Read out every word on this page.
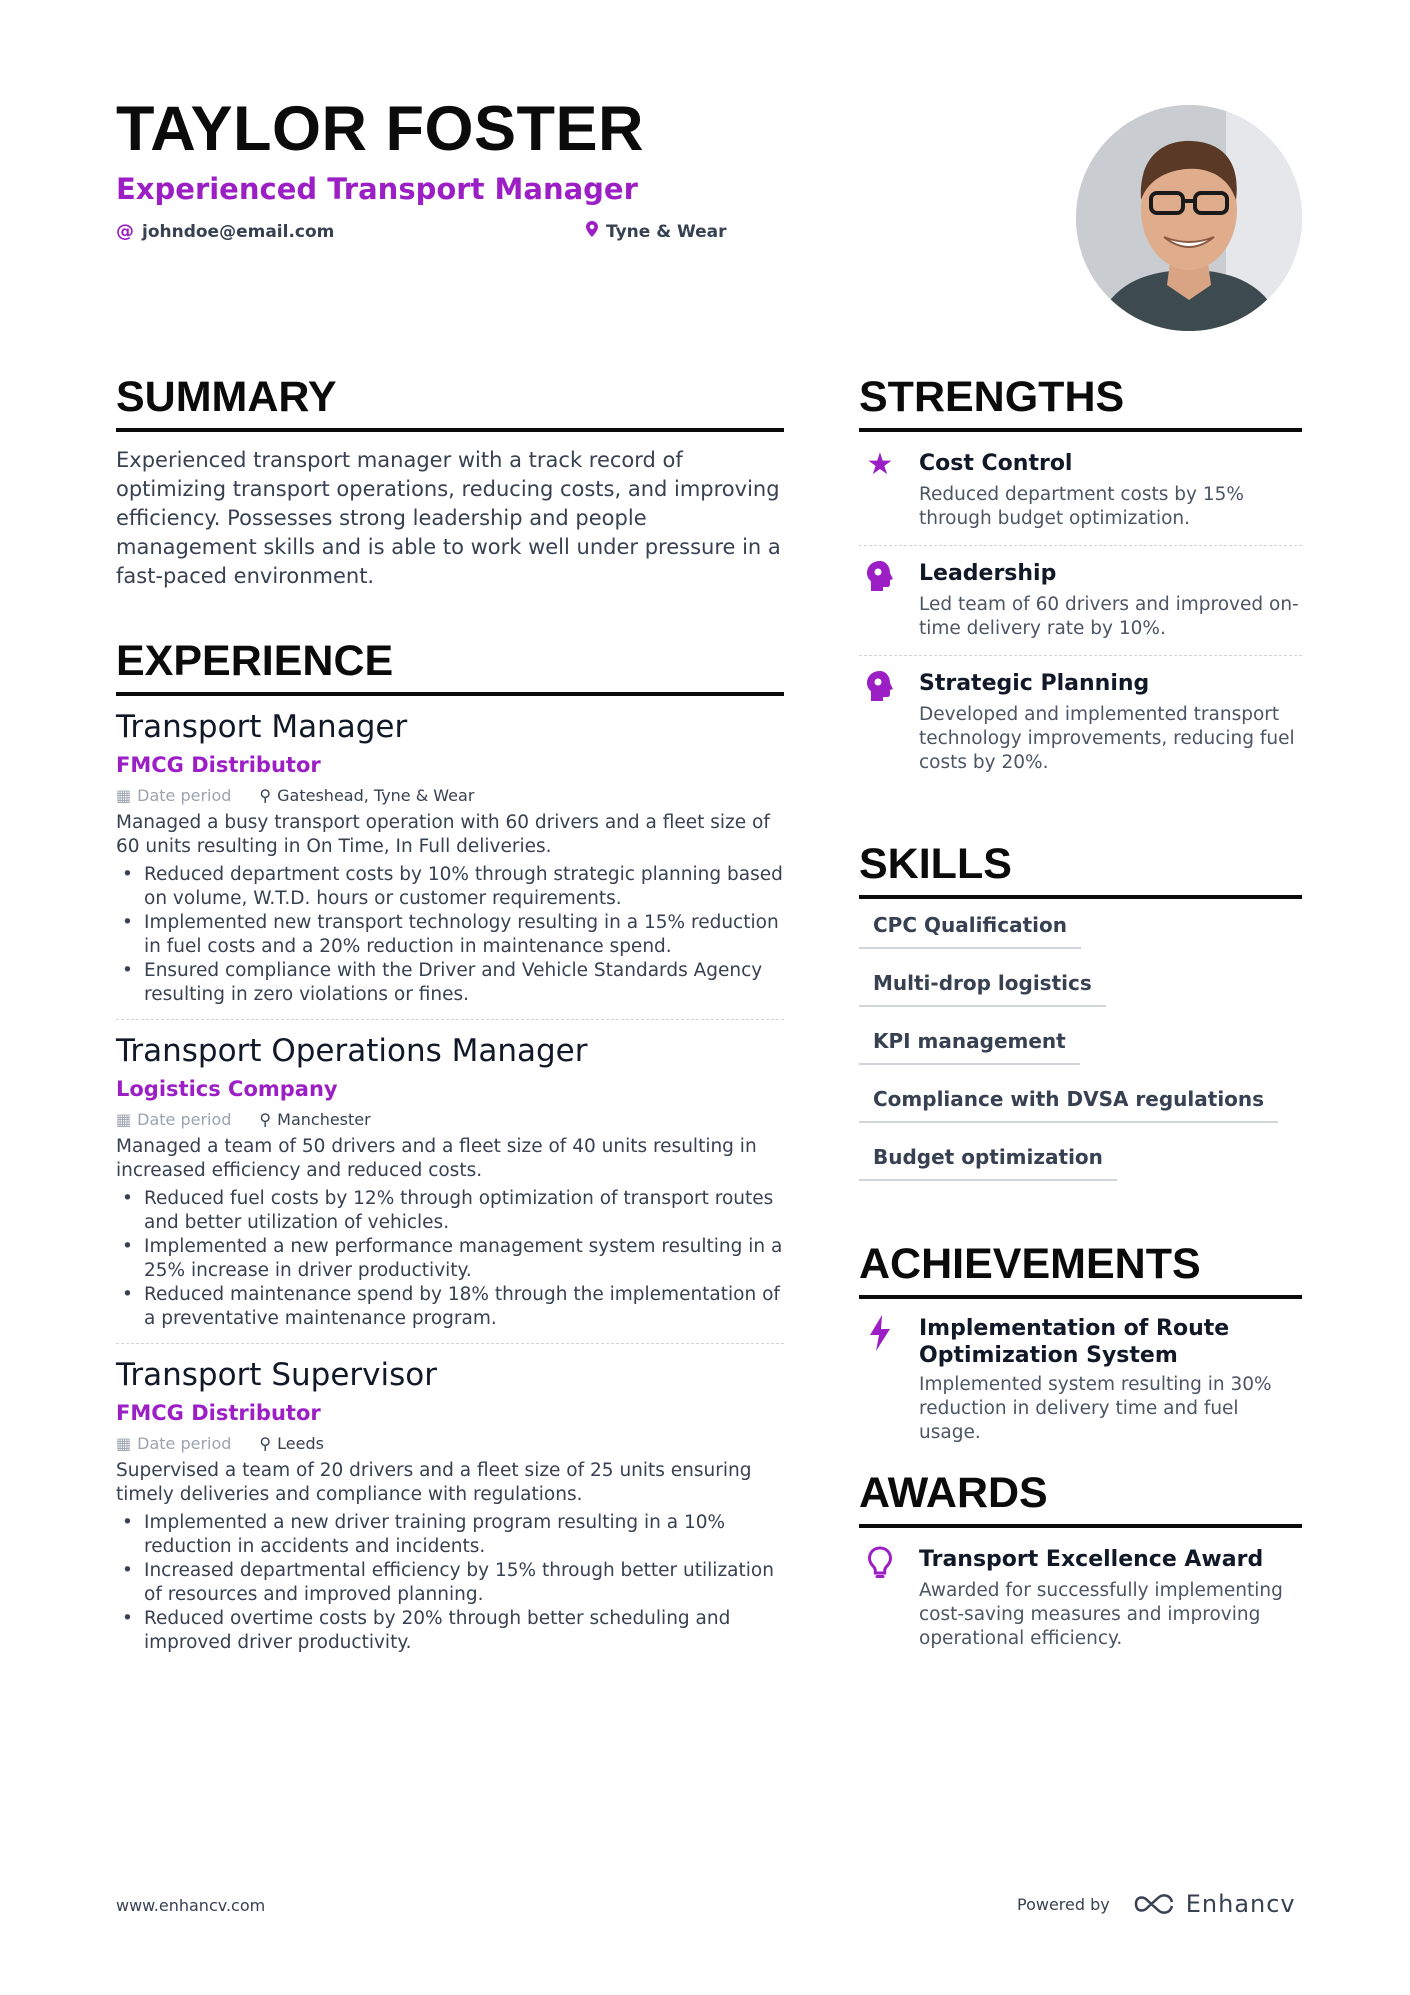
TAYLOR FOSTER
Experienced Transport Manager
@ johndoe@email.com	Tyne & Wear
SUMMARY
Experienced transport manager with a track record of optimizing transport operations, reducing costs, and improving efficiency. Possesses strong leadership and people management skills and is able to work well under pressure in a fast-paced environment.
EXPERIENCE
Transport Manager
FMCG Distributor
▦ Date period ⚲ Gateshead, Tyne & Wear
Managed a busy transport operation with 60 drivers and a fleet size of 60 units resulting in On Time, In Full deliveries.
• Reduced department costs by 10% through strategic planning based on volume, W.T.D. hours or customer requirements.
• Implemented new transport technology resulting in a 15% reduction in fuel costs and a 20% reduction in maintenance spend.
• Ensured compliance with the Driver and Vehicle Standards Agency resulting in zero violations or fines.
Transport Operations Manager
Logistics Company
▦ Date period ⚲ Manchester
Managed a team of 50 drivers and a fleet size of 40 units resulting in increased efficiency and reduced costs.
• Reduced fuel costs by 12% through optimization of transport routes and better utilization of vehicles.
• Implemented a new performance management system resulting in a 25% increase in driver productivity.
• Reduced maintenance spend by 18% through the implementation of a preventative maintenance program.
Transport Supervisor
FMCG Distributor
▦ Date period ⚲ Leeds
Supervised a team of 20 drivers and a fleet size of 25 units ensuring timely deliveries and compliance with regulations.
• Implemented a new driver training program resulting in a 10% reduction in accidents and incidents.
• Increased departmental efficiency by 15% through better utilization of resources and improved planning.
• Reduced overtime costs by 20% through better scheduling and improved driver productivity.
STRENGTHS
★	Cost Control
Reduced department costs by 15% through budget optimization.
Leadership
Led team of 60 drivers and improved on-time delivery rate by 10%.
Strategic Planning
Developed and implemented transport technology improvements, reducing fuel costs by 20%.
SKILLS
CPC Qualification
Multi-drop logistics
KPI management
Compliance with DVSA regulations
Budget optimization
ACHIEVEMENTS
Implementation of Route Optimization System
Implemented system resulting in 30% reduction in delivery time and fuel usage.
AWARDS
Transport Excellence Award
Awarded for successfully implementing cost-saving measures and improving operational efficiency.
www.enhancv.com	Powered by	Enhancv
